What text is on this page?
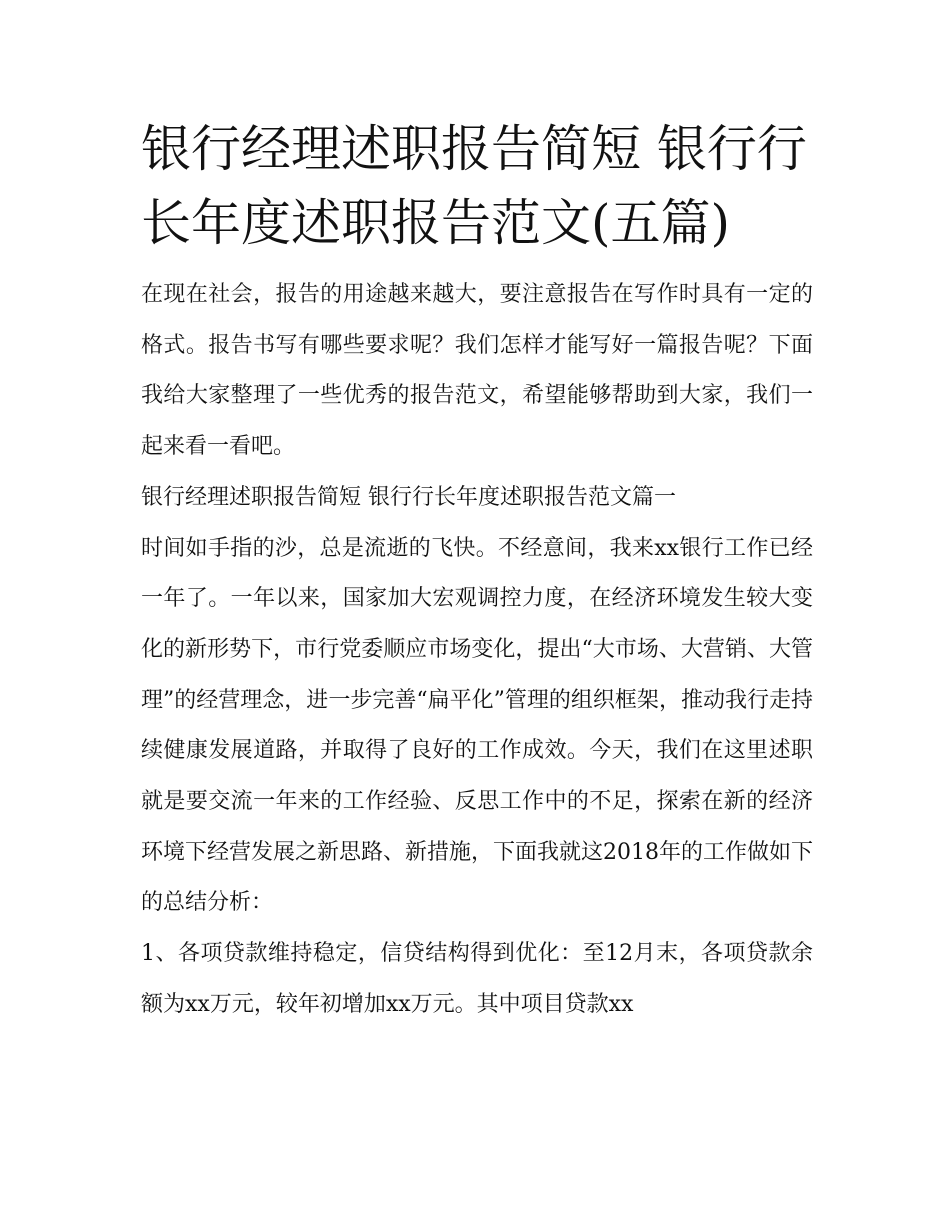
银行经理述职报告简短 银行行长年度述职报告范文(五篇)

在现在社会，报告的用途越来越大，要注意报告在写作时具有一定的格式。报告书写有哪些要求呢？我们怎样才能写好一篇报告呢？下面我给大家整理了一些优秀的报告范文，希望能够帮助到大家，我们一起来看一看吧。

银行经理述职报告简短 银行行长年度述职报告范文篇一

时间如手指的沙，总是流逝的飞快。不经意间，我来xx银行工作已经一年了。一年以来，国家加大宏观调控力度，在经济环境发生较大变化的新形势下，市行党委顺应市场变化，提出“大市场、大营销、大管理”的经营理念，进一步完善“扁平化”管理的组织框架，推动我行走持续健康发展道路，并取得了良好的工作成效。今天，我们在这里述职就是要交流一年来的工作经验、反思工作中的不足，探索在新的经济环境下经营发展之新思路、新措施，下面我就这2018年的工作做如下的总结分析：

1、各项贷款维持稳定，信贷结构得到优化：至12月末，各项贷款余额为xx万元，较年初增加xx万元。其中项目贷款xx
